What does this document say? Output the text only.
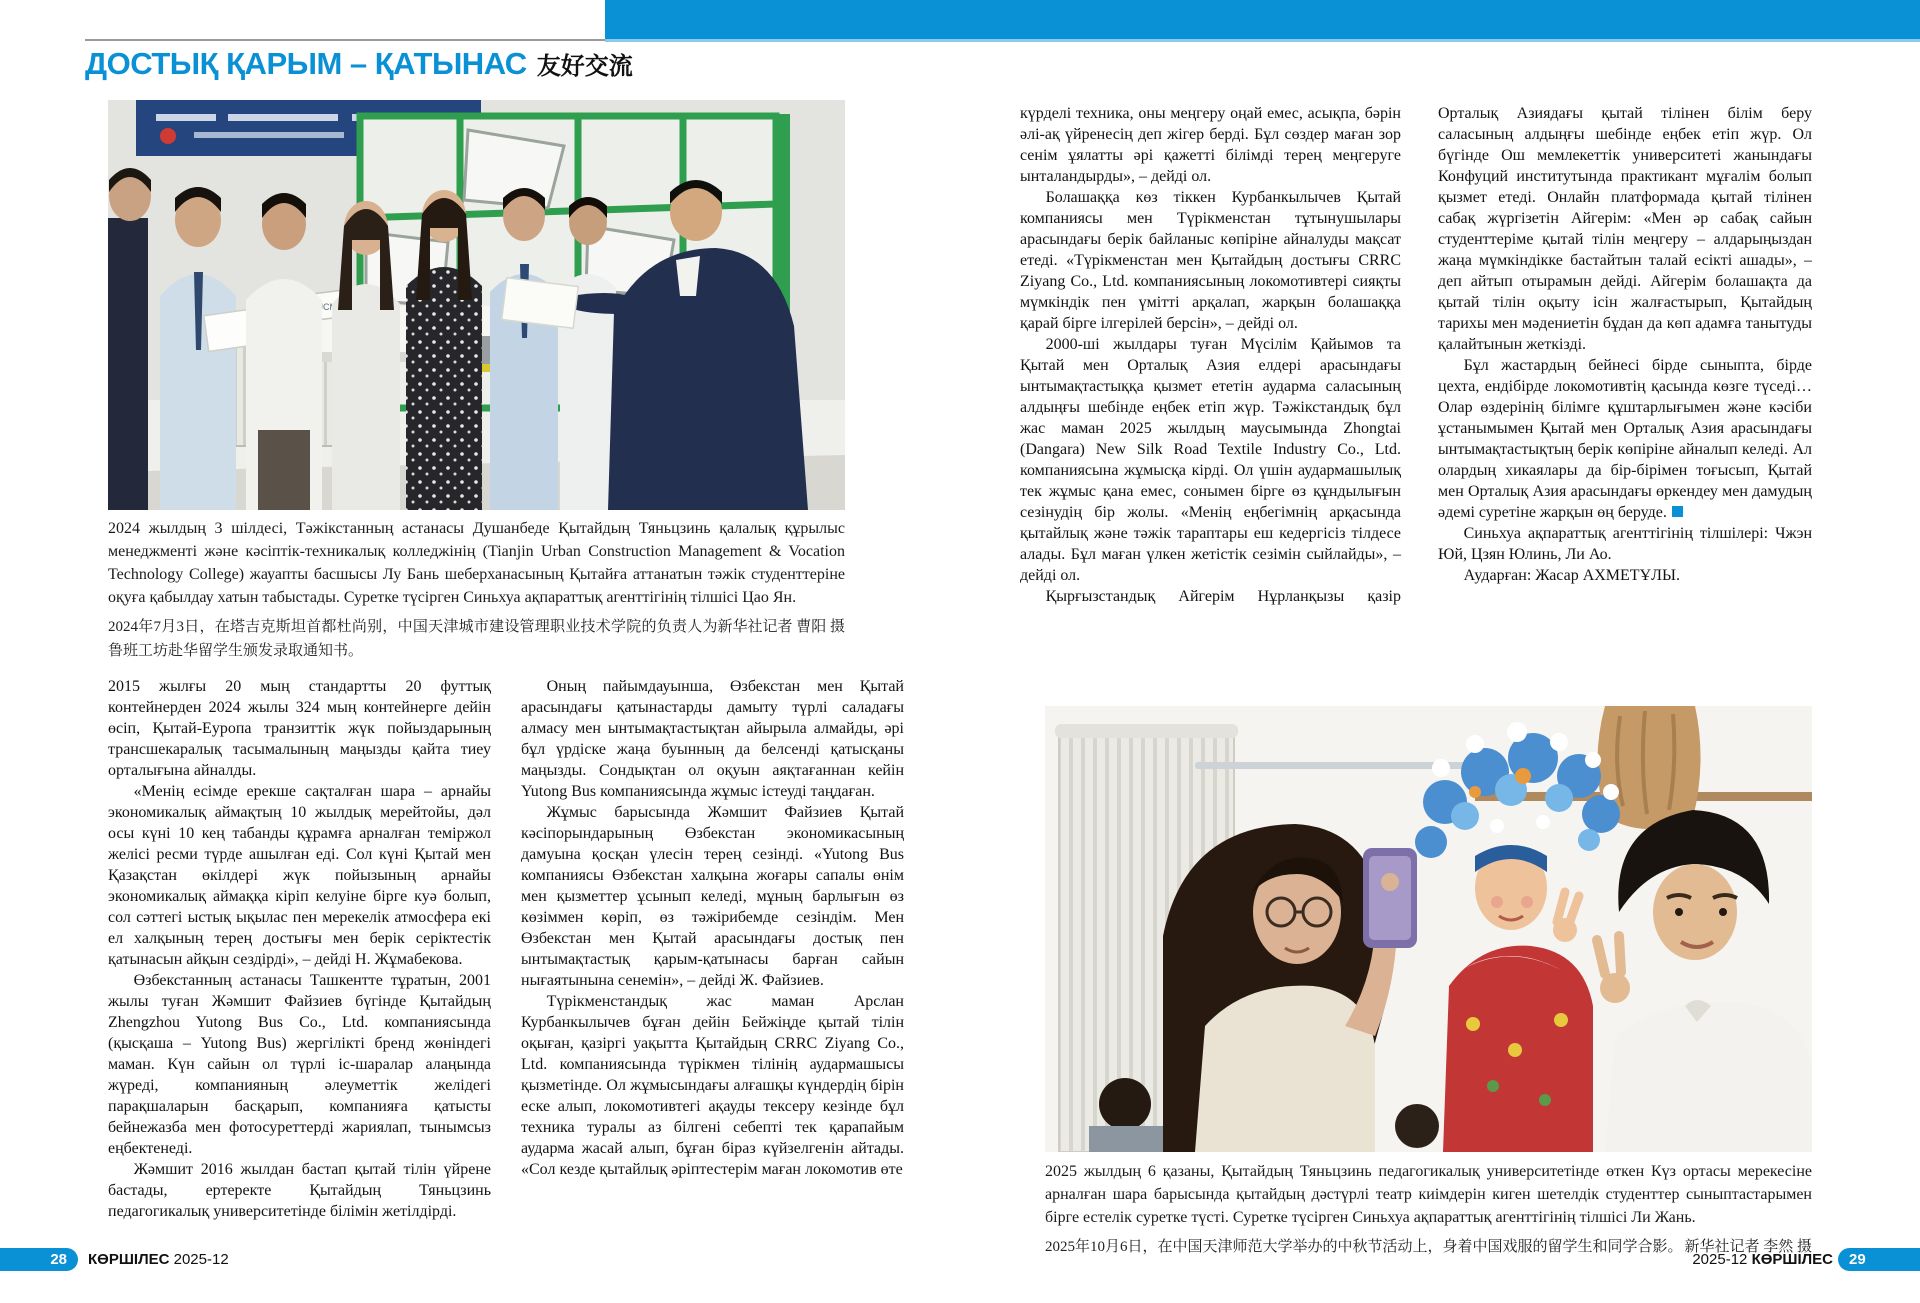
ДОСТЫҚ ҚАРЫМ – ҚАТЫНАС 友好交流
UCM
2024 жылдың 3 шілдесі, Тәжікстанның астанасы Душанбеде Қытайдың Тяньцзинь қалалық құрылыс менеджменті және кәсіптік-техникалық колледжінің (Tianjin Urban Construction Management & Vocation Technology College) жауапты басшысы Лу Бань шеберханасының Қытайға аттанатын тәжік студенттеріне оқуға қабылдау хатын табыстады. Суретке түсірген Синьхуа ақпараттық агенттігінің тілшісі Цао Ян.
新华社记者 曹阳 摄
2024年7月3日，在塔吉克斯坦首都杜尚别，中国天津城市建设管理职业技术学院的负责人为鲁班工坊赴华留学生颁发录取通知书。

2015 жылғы 20 мың стандартты 20 футтық контейнерден 2024 жылы 324 мың контейнерге дейін өсіп, Қытай-Еуропа транзиттік жүк пойыздарының трансшекаралық тасымалының маңызды қайта тиеу орталығына айналды.

«Менің есімде ерекше сақталған шара – арнайы экономикалық аймақтың 10 жылдық мерейтойы, дәл осы күні 10 кең табанды құрамға арналған теміржол желісі ресми түрде ашылған еді. Сол күні Қытай мен Қазақстан өкілдері жүк пойызының арнайы экономикалық аймаққа кіріп келуіне бірге куә болып, сол сәттегі ыстық ықылас пен мерекелік атмосфера екі ел халқының терең достығы мен берік серіктестік қатынасын айқын сездірді», – дейді Н. Жұмабекова.

Өзбекстанның астанасы Ташкентте тұратын, 2001 жылы туған Жәмшит Файзиев бүгінде Қытайдың Zhengzhou Yutong Bus Co., Ltd. компаниясында (қысқаша – Yutong Bus) жергілікті бренд жөніндегі маман. Күн сайын ол түрлі іс-шаралар алаңында жүреді, компанияның әлеуметтік желідегі парақшаларын басқарып, компанияға қатысты бейнежазба мен фотосуреттерді жариялап, тынымсыз еңбектенеді.

Жәмшит 2016 жылдан бастап қытай тілін үйрене бастады, ертеректе Қытайдың Тяньцзинь педагогикалық университетінде білімін жетілдірді.

Оның пайымдауынша, Өзбекстан мен Қытай арасындағы қатынастарды дамыту түрлі саладағы алмасу мен ынтымақтастықтан айырыла алмайды, әрі бұл үрдіске жаңа буынның да белсенді қатысқаны маңызды. Сондықтан ол оқуын аяқтағаннан кейін Yutong Bus компаниясында жұмыс істеуді таңдаған.

Жұмыс барысында Жәмшит Файзиев Қытай кәсіпорындарының Өзбекстан экономикасының дамуына қосқан үлесін терең сезінді. «Yutong Bus компаниясы Өзбекстан халқына жоғары сапалы өнім мен қызметтер ұсынып келеді, мұның барлығын өз көзіммен көріп, өз тәжірибемде сезіндім. Мен Өзбекстан мен Қытай арасындағы достық пен ынтымақтастық қарым-қатынасы барған сайын нығаятынына сенемін», – дейді Ж. Файзиев.

Түрікменстандық жас маман Арслан Курбанкылычев бұған дейін Бейжіңде қытай тілін оқыған, қазіргі уақытта Қытайдың CRRC Ziyang Co., Ltd. компаниясында түрікмен тілінің аудармашысы қызметінде. Ол жұмысындағы алғашқы күндердің бірін еске алып, локомотивтегі ақауды тексеру кезінде бұл техника туралы аз білгені себепті тек қарапайым аударма жасай алып, бұған біраз күйзелгенін айтады. «Сол кезде қытайлық әріптестерім маған локомотив өте

күрделі техника, оны меңгеру оңай емес, асықпа, бәрін әлі-ақ үйренесің деп жігер берді. Бұл сөздер маған зор сенім ұялатты әрі қажетті білімді терең меңгеруге ынталандырды», – дейді ол.

Болашаққа көз тіккен Курбанкылычев Қытай компаниясы мен Түрікменстан тұтынушылары арасындағы берік байланыс көпіріне айналуды мақсат етеді. «Түрікменстан мен Қытайдың достығы CRRC Ziyang Co., Ltd. компаниясының локомотивтері сияқты мүмкіндік пен үмітті арқалап, жарқын болашаққа қарай бірге ілгерілей берсін», – дейді ол.

2000-ші жылдары туған Мүсілім Қайымов та Қытай мен Орталық Азия елдері арасындағы ынтымақтастыққа қызмет ететін аударма саласының алдыңғы шебінде еңбек етіп жүр. Тәжікстандық бұл жас маман 2025 жылдың маусымында Zhongtai (Dangara) New Silk Road Textile Industry Co., Ltd. компаниясына жұмысқа кірді. Ол үшін аудармашылық тек жұмыс қана емес, сонымен бірге өз құндылығын сезінудің бір жолы. «Менің еңбегімнің арқасында қытайлық және тәжік тараптары еш кедергісіз тілдесе алады. Бұл маған үлкен жетістік сезімін сыйлайды», – дейді ол.

Қырғызстандық Айгерім Нұрланқызы қазір

Орталық Азиядағы қытай тілінен білім беру саласының алдыңғы шебінде еңбек етіп жүр. Ол бүгінде Ош мемлекеттік университеті жанындағы Конфуций институтында практикант мұғалім болып қызмет етеді. Онлайн платформада қытай тілінен сабақ жүргізетін Айгерім: «Мен әр сабақ сайын студенттеріме қытай тілін меңгеру – алдарыңыздан жаңа мүмкіндікке бастайтын талай есікті ашады», – деп айтып отырамын дейді. Айгерім болашақта да қытай тілін оқыту ісін жалғастырып, Қытайдың тарихы мен мәдениетін бұдан да көп адамға танытуды қалайтынын жеткізді.

Бұл жастардың бейнесі бірде сыныпта, бірде цехта, ендібірде локомотивтің қасында көзге түседі… Олар өздерінің білімге құштарлығымен және кәсіби ұстанымымен Қытай мен Орталық Азия арасындағы ынтымақтастықтың берік көпіріне айналып келеді. Ал олардың хикаялары да бір-бірімен тоғысып, Қытай мен Орталық Азия арасындағы өркендеу мен дамудың әдемі суретіне жарқын өң беруде.

Синьхуа ақпараттық агенттігінің тілшілері: Чжэн Юй, Цзян Юлинь, Ли Ао.

Аударған: Жасар АХМЕТҰЛЫ.

2025 жылдың 6 қазаны, Қытайдың Тяньцзинь педагогикалық университетінде өткен Күз ортасы мерекесіне арналған шара барысында қытайдың дәстүрлі театр киімдерін киген шетелдік студенттер сыныптастарымен бірге естелік суретке түсті. Суретке түсірген Синьхуа ақпараттық агенттігінің тілшісі Ли Жань.
新华社记者 李然 摄
2025年10月6日，在中国天津师范大学举办的中秋节活动上，身着中国戏服的留学生和同学合影。
28	КӨРШІЛЕС 2025-12	2025-12 КӨРШІЛЕС	29
